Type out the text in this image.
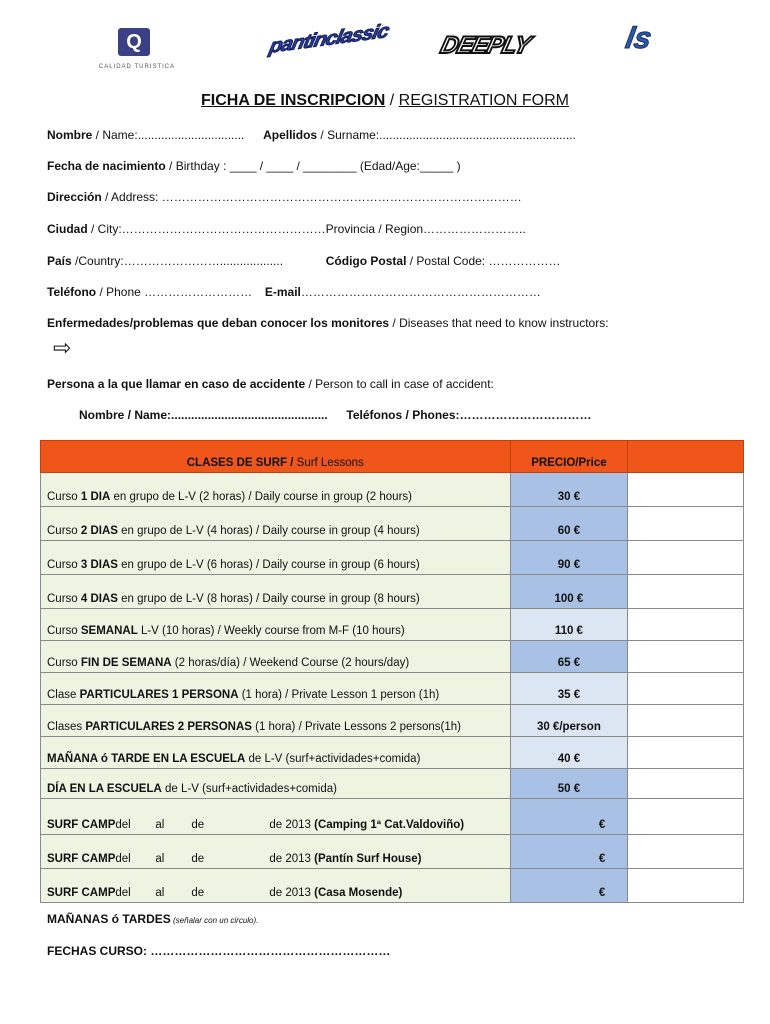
Q
CALIDAD TURISTICA
pantinclassic DEEPLY	ls
FICHA DE INSCRIPCION / REGISTRATION FORM
Nombre / Name:................................ Apellidos / Surname:...........................................................
Fecha de nacimiento / Birthday : ____ / ____ / ________ (Edad/Age:_____ )
Dirección / Address: ………………………………………………………………………………
Ciudad / City:……………………………………………Provincia / Region……………………..
País /Country:……………………...................	Código Postal / Postal Code: ………………
Teléfono / Phone ……………………… E-mail……………………………………………………
Enfermedades/problemas que deban conocer los monitores / Diseases that need to know instructors:
⇨
Persona a la que llamar en caso de accidente / Person to call in case of accident:
Nombre / Name:............................................... Teléfonos / Phones:……………………………
CLASES DE SURF / Surf Lessons	PRECIO/Price	
Curso 1 DIA en grupo de L-V (2 horas) / Daily course in group (2 hours)	30 €	
Curso 2 DIAS en grupo de L-V (4 horas) / Daily course in group (4 hours)	60 €	
Curso 3 DIAS en grupo de L-V (6 horas) / Daily course in group (6 hours)	90 €	
Curso 4 DIAS en grupo de L-V (8 horas) / Daily course in group (8 hours)	100 €	
Curso SEMANAL L-V (10 horas) / Weekly course from M-F (10 hours)	110 €	
Curso FIN DE SEMANA (2 horas/día) / Weekend Course (2 hours/day)	65 €	
Clase PARTICULARES 1 PERSONA (1 hora) / Private Lesson 1 person (1h)	35 €	
Clases PARTICULARES 2 PERSONAS (1 hora) / Private Lessons 2 persons(1h)	30 €/person	
MAÑANA ó TARDE EN LA ESCUELA de L-V (surf+actividades+comida)	40 €	
DÍA EN LA ESCUELA de L-V (surf+actividades+comida)	50 €	
SURF CAMPdel al de de 2013 (Camping 1ª Cat.Valdoviño)	€	
SURF CAMPdel al de de 2013 (Pantín Surf House)	€	
SURF CAMPdel al de de 2013 (Casa Mosende)	€	
MAÑANAS ó TARDES (señalar con un circulo).
FECHAS CURSO: ……………………………………………………
